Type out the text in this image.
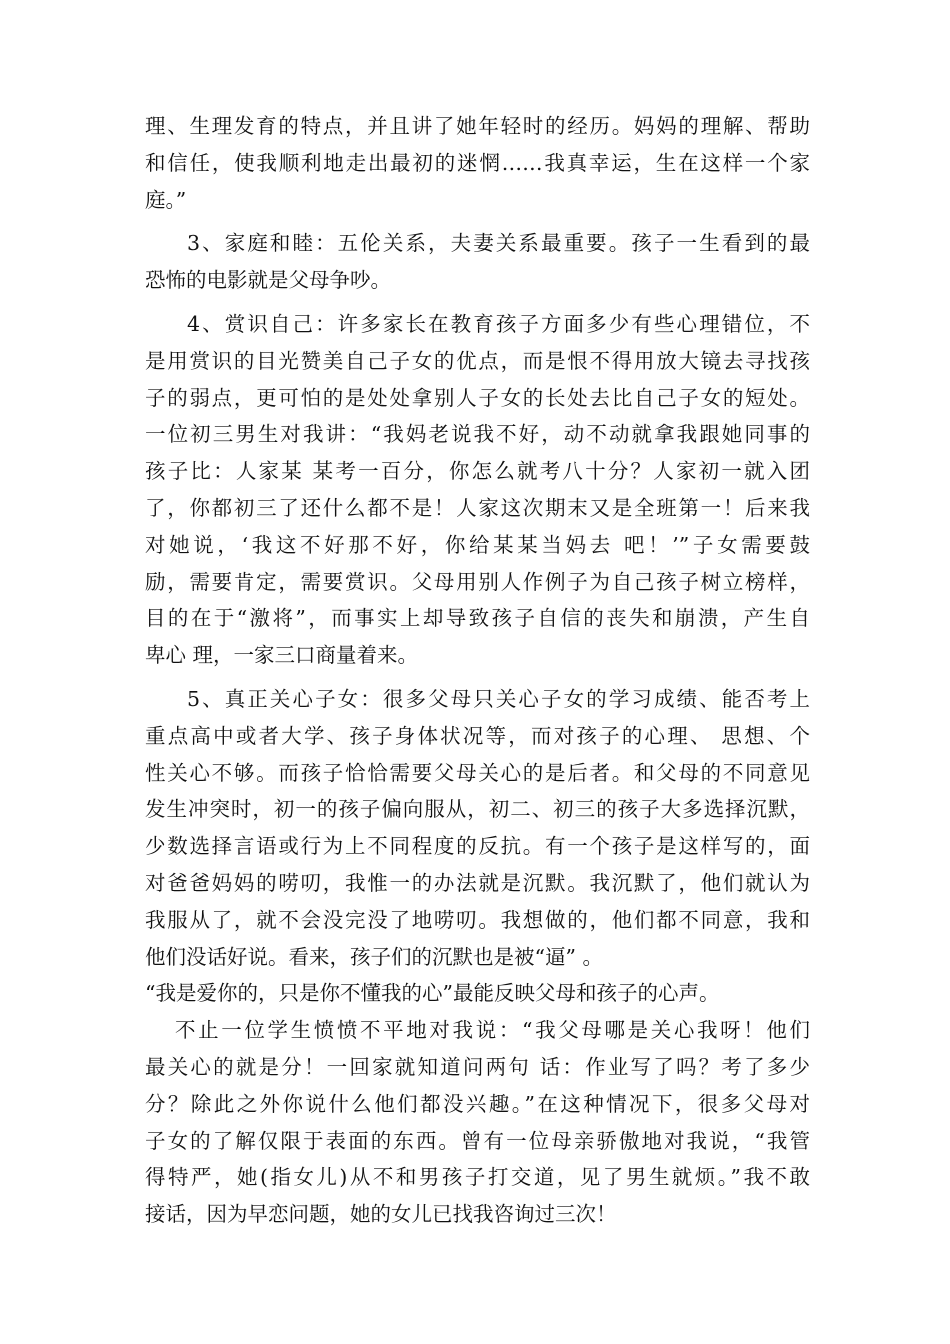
理、生理发育的特点，并且讲了她年轻时的经历。妈妈的理解、帮助
和信任，使我顺利地走出最初的迷惘……我真幸运，生在这样一个家
庭。”
3、家庭和睦：五伦关系，夫妻关系最重要。孩子一生看到的最
恐怖的电影就是父母争吵。
4、赏识自己：许多家长在教育孩子方面多少有些心理错位，不
是用赏识的目光赞美自己子女的优点，而是恨不得用放大镜去寻找孩
子的弱点，更可怕的是处处拿别人子女的长处去比自己子女的短处。
一位初三男生对我讲：“我妈老说我不好，动不动就拿我跟她同事的
孩子比：人家某 某考一百分，你怎么就考八十分？人家初一就入团
了，你都初三了还什么都不是！人家这次期末又是全班第一！后来我
对她说，‘我这不好那不好，你给某某当妈去 吧！’”子女需要鼓
励，需要肯定，需要赏识。父母用别人作例子为自己孩子树立榜样，
目的在于“激将”，而事实上却导致孩子自信的丧失和崩溃，产生自
卑心 理，一家三口商量着来。
5、真正关心子女：很多父母只关心子女的学习成绩、能否考上
重点高中或者大学、孩子身体状况等，而对孩子的心理、 思想、个
性关心不够。而孩子恰恰需要父母关心的是后者。和父母的不同意见
发生冲突时，初一的孩子偏向服从，初二、初三的孩子大多选择沉默，
少数选择言语或行为上不同程度的反抗。有一个孩子是这样写的，面
对爸爸妈妈的唠叨，我惟一的办法就是沉默。我沉默了，他们就认为
我服从了，就不会没完没了地唠叨。我想做的，他们都不同意，我和
他们没话好说。看来，孩子们的沉默也是被“逼” 。
“我是爱你的，只是你不懂我的心”最能反映父母和孩子的心声。
不止一位学生愤愤不平地对我说：“我父母哪是关心我呀！他们
最关心的就是分！一回家就知道问两句 话：作业写了吗？考了多少
分？除此之外你说什么他们都没兴趣。”在这种情况下，很多父母对
子女的了解仅限于表面的东西。曾有一位母亲骄傲地对我说，“我管
得特严，她(指女儿)从不和男孩子打交道，见了男生就烦。”我不敢
接话，因为早恋问题，她的女儿已找我咨询过三次！
